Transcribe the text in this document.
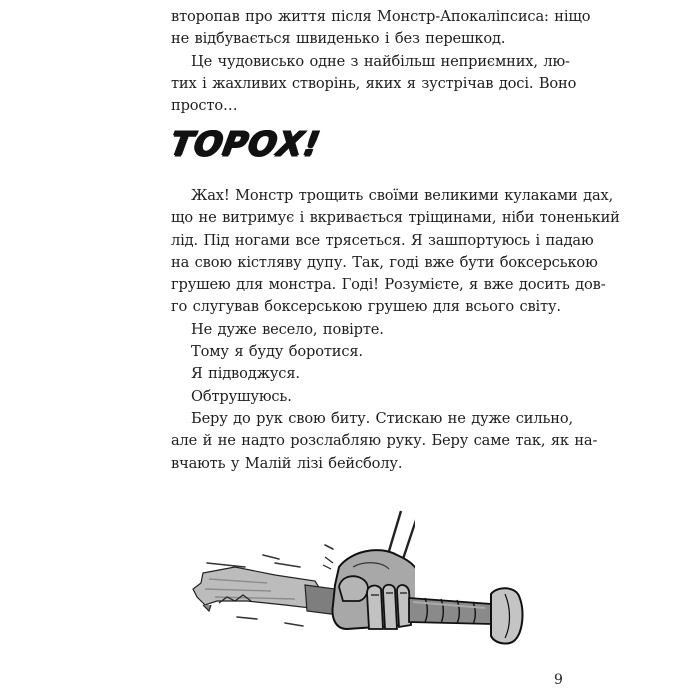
втoропав про життя після Монстр-Апокаліпсиса: ніщо
не відбувається швиденько і без перешкод.

Це чудовисько одне з найбільш неприємних, лю-
тих і жахливих створінь, яких я зустрічав досі. Воно
просто…

ТОРОХ!

Жах! Монстр трощить своїми великими кулаками дах,
що не витримує і вкривається тріщинами, ніби тоненький
лід. Під ногами все трясеться. Я зашпортуюсь і падаю
на свою кістляву дупу. Так, годі вже бути боксерською
грушею для монстра. Годі! Розумієте, я вже досить дов-
го слугував боксерською грушею для всього світу.

Не дуже весело, повірте.

Тому я буду боротися.

Я підводжуся.

Обтрушуюсь.

Беру до рук свою биту. Стискаю не дуже сильно,
але й не надто розслабляю руку. Беру саме так, як на-
вчають у Малій лізі бейсболу.

9
